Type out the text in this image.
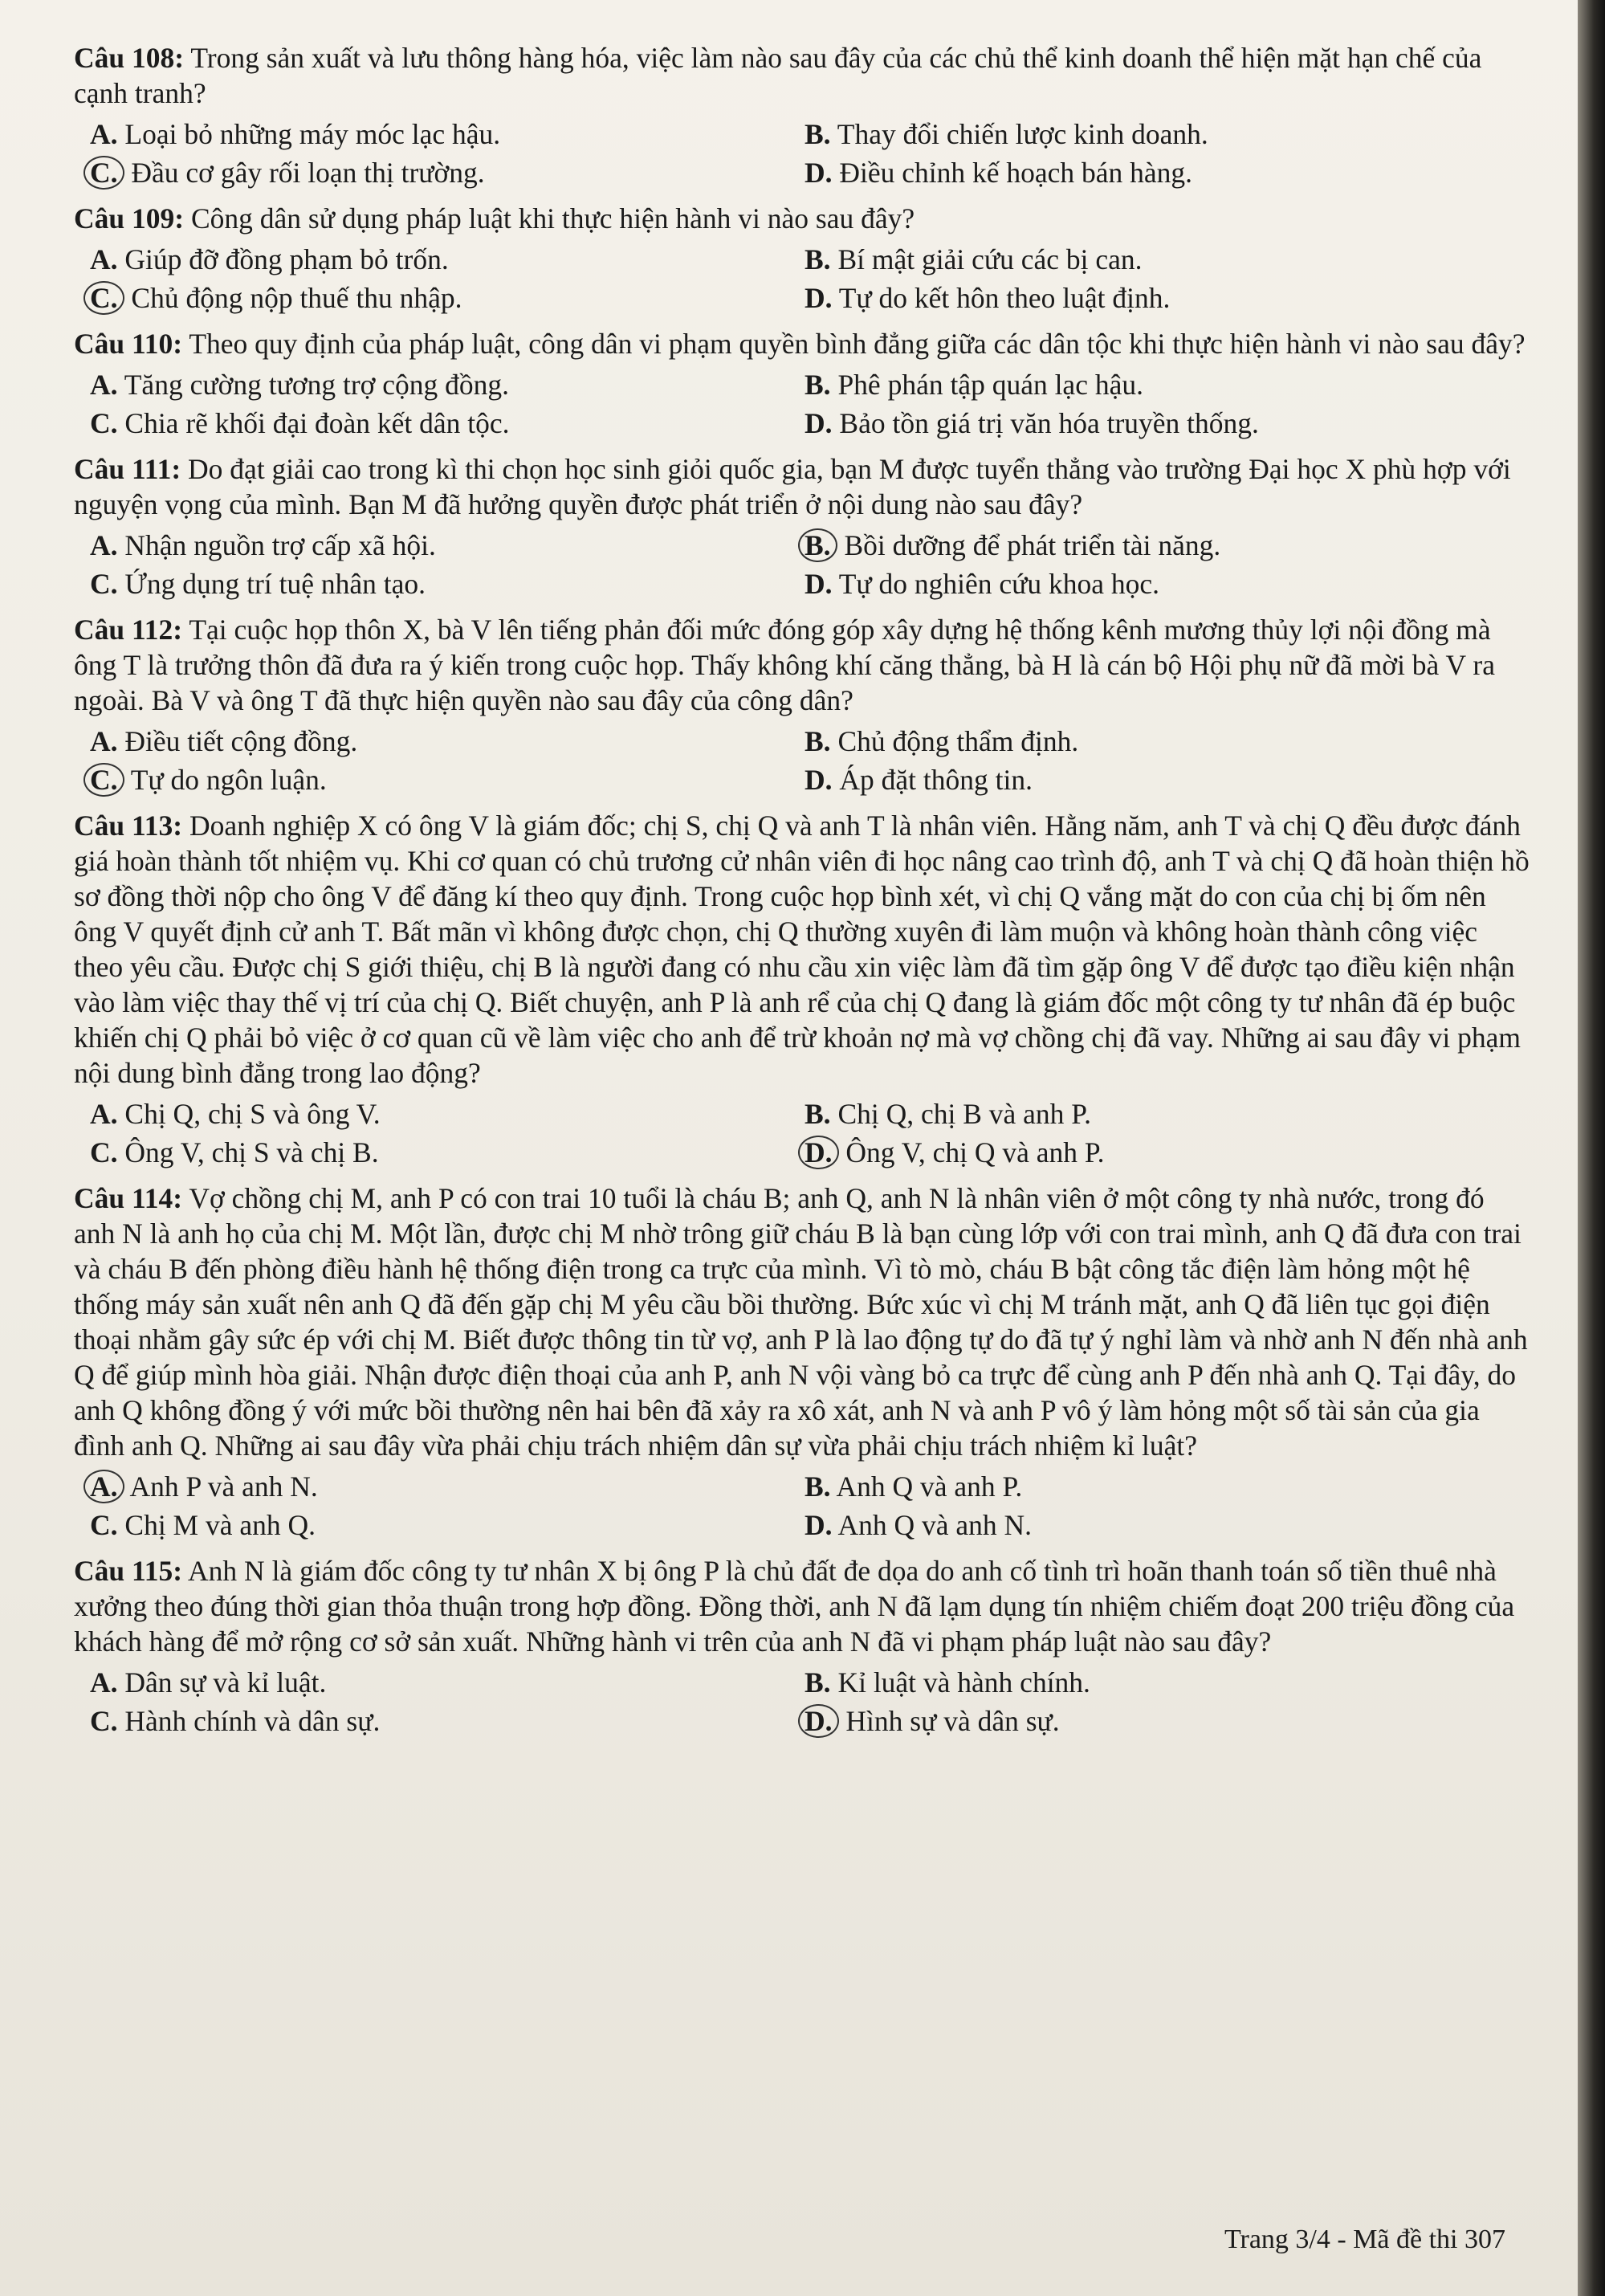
Câu 108: Trong sản xuất và lưu thông hàng hóa, việc làm nào sau đây của các chủ thể kinh doanh thể hiện mặt hạn chế của cạnh tranh?

A. Loại bỏ những máy móc lạc hậu.	B. Thay đổi chiến lược kinh doanh.
C. Đầu cơ gây rối loạn thị trường.	D. Điều chỉnh kế hoạch bán hàng.

Câu 109: Công dân sử dụng pháp luật khi thực hiện hành vi nào sau đây?

A. Giúp đỡ đồng phạm bỏ trốn.	B. Bí mật giải cứu các bị can.
C. Chủ động nộp thuế thu nhập.	D. Tự do kết hôn theo luật định.

Câu 110: Theo quy định của pháp luật, công dân vi phạm quyền bình đẳng giữa các dân tộc khi thực hiện hành vi nào sau đây?

A. Tăng cường tương trợ cộng đồng.	B. Phê phán tập quán lạc hậu.
C. Chia rẽ khối đại đoàn kết dân tộc.	D. Bảo tồn giá trị văn hóa truyền thống.

Câu 111: Do đạt giải cao trong kì thi chọn học sinh giỏi quốc gia, bạn M được tuyển thẳng vào trường Đại học X phù hợp với nguyện vọng của mình. Bạn M đã hưởng quyền được phát triển ở nội dung nào sau đây?

A. Nhận nguồn trợ cấp xã hội.	B. Bồi dưỡng để phát triển tài năng.
C. Ứng dụng trí tuệ nhân tạo.	D. Tự do nghiên cứu khoa học.

Câu 112: Tại cuộc họp thôn X, bà V lên tiếng phản đối mức đóng góp xây dựng hệ thống kênh mương thủy lợi nội đồng mà ông T là trưởng thôn đã đưa ra ý kiến trong cuộc họp. Thấy không khí căng thẳng, bà H là cán bộ Hội phụ nữ đã mời bà V ra ngoài. Bà V và ông T đã thực hiện quyền nào sau đây của công dân?

A. Điều tiết cộng đồng.	B. Chủ động thẩm định.
C. Tự do ngôn luận.	D. Áp đặt thông tin.

Câu 113: Doanh nghiệp X có ông V là giám đốc; chị S, chị Q và anh T là nhân viên. Hằng năm, anh T và chị Q đều được đánh giá hoàn thành tốt nhiệm vụ. Khi cơ quan có chủ trương cử nhân viên đi học nâng cao trình độ, anh T và chị Q đã hoàn thiện hồ sơ đồng thời nộp cho ông V để đăng kí theo quy định. Trong cuộc họp bình xét, vì chị Q vắng mặt do con của chị bị ốm nên ông V quyết định cử anh T. Bất mãn vì không được chọn, chị Q thường xuyên đi làm muộn và không hoàn thành công việc theo yêu cầu. Được chị S giới thiệu, chị B là người đang có nhu cầu xin việc làm đã tìm gặp ông V để được tạo điều kiện nhận vào làm việc thay thế vị trí của chị Q. Biết chuyện, anh P là anh rể của chị Q đang là giám đốc một công ty tư nhân đã ép buộc khiến chị Q phải bỏ việc ở cơ quan cũ về làm việc cho anh để trừ khoản nợ mà vợ chồng chị đã vay. Những ai sau đây vi phạm nội dung bình đẳng trong lao động?

A. Chị Q, chị S và ông V.	B. Chị Q, chị B và anh P.
C. Ông V, chị S và chị B.	D. Ông V, chị Q và anh P.

Câu 114: Vợ chồng chị M, anh P có con trai 10 tuổi là cháu B; anh Q, anh N là nhân viên ở một công ty nhà nước, trong đó anh N là anh họ của chị M. Một lần, được chị M nhờ trông giữ cháu B là bạn cùng lớp với con trai mình, anh Q đã đưa con trai và cháu B đến phòng điều hành hệ thống điện trong ca trực của mình. Vì tò mò, cháu B bật công tắc điện làm hỏng một hệ thống máy sản xuất nên anh Q đã đến gặp chị M yêu cầu bồi thường. Bức xúc vì chị M tránh mặt, anh Q đã liên tục gọi điện thoại nhằm gây sức ép với chị M. Biết được thông tin từ vợ, anh P là lao động tự do đã tự ý nghỉ làm và nhờ anh N đến nhà anh Q để giúp mình hòa giải. Nhận được điện thoại của anh P, anh N vội vàng bỏ ca trực để cùng anh P đến nhà anh Q. Tại đây, do anh Q không đồng ý với mức bồi thường nên hai bên đã xảy ra xô xát, anh N và anh P vô ý làm hỏng một số tài sản của gia đình anh Q. Những ai sau đây vừa phải chịu trách nhiệm dân sự vừa phải chịu trách nhiệm kỉ luật?

A. Anh P và anh N.	B. Anh Q và anh P.
C. Chị M và anh Q.	D. Anh Q và anh N.

Câu 115: Anh N là giám đốc công ty tư nhân X bị ông P là chủ đất đe dọa do anh cố tình trì hoãn thanh toán số tiền thuê nhà xưởng theo đúng thời gian thỏa thuận trong hợp đồng. Đồng thời, anh N đã lạm dụng tín nhiệm chiếm đoạt 200 triệu đồng của khách hàng để mở rộng cơ sở sản xuất. Những hành vi trên của anh N đã vi phạm pháp luật nào sau đây?

A. Dân sự và kỉ luật.	B. Kỉ luật và hành chính.
C. Hành chính và dân sự.	D. Hình sự và dân sự.
Trang 3/4 - Mã đề thi 307
